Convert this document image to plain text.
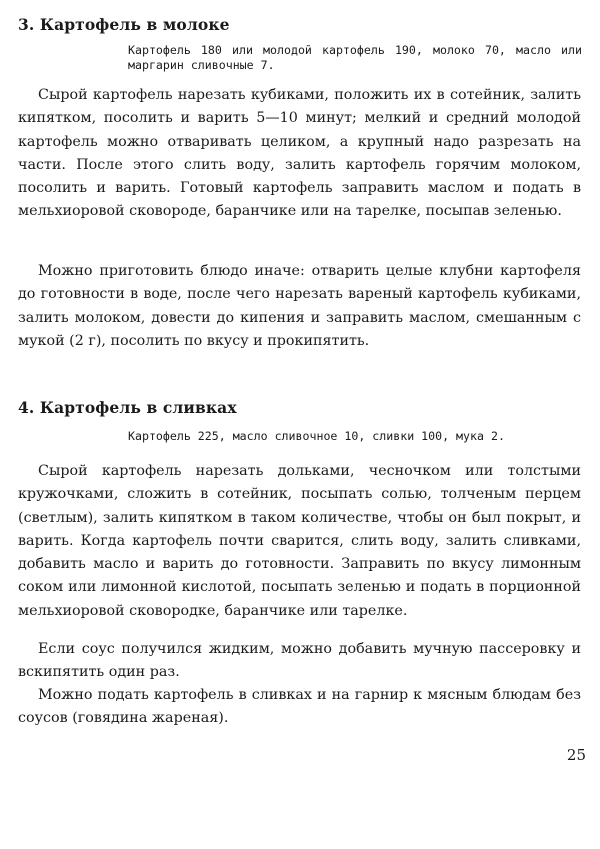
3. Картофель в молоке

Картофель 180 или молодой картофель 190, молоко 70, масло или маргарин сливочные 7.

Сырой картофель нарезать кубиками, положить их в сотейник, залить кипятком, посолить и варить 5—10 минут; мелкий и средний молодой картофель можно отваривать целиком, а крупный надо разрезать на части. После этого слить воду, залить картофель горячим молоком, посолить и варить. Готовый картофель заправить маслом и подать в мельхиоровой сковороде, баранчике или на тарелке, посыпав зеленью.

Можно приготовить блюдо иначе: отварить целые клубни картофеля до готовности в воде, после чего нарезать вареный картофель кубиками, залить молоком, довести до кипения и заправить маслом, смешанным с мукой (2 г), посолить по вкусу и прокипятить.

4. Картофель в сливках

Картофель 225, масло сливочное 10, сливки 100, мука 2.

Сырой картофель нарезать дольками, чесночком или толстыми кружочками, сложить в сотейник, посыпать солью, толченым перцем (светлым), залить кипятком в таком количестве, чтобы он был покрыт, и варить. Когда картофель почти сварится, слить воду, залить сливками, добавить масло и варить до готовности. Заправить по вкусу лимонным соком или лимонной кислотой, посыпать зеленью и подать в порционной мельхиоровой сковородке, баранчике или тарелке.

Если соус получился жидким, можно добавить мучную пассеровку и вскипятить один раз.

Можно подать картофель в сливках и на гарнир к мясным блюдам без соусов (говядина жареная).

25
